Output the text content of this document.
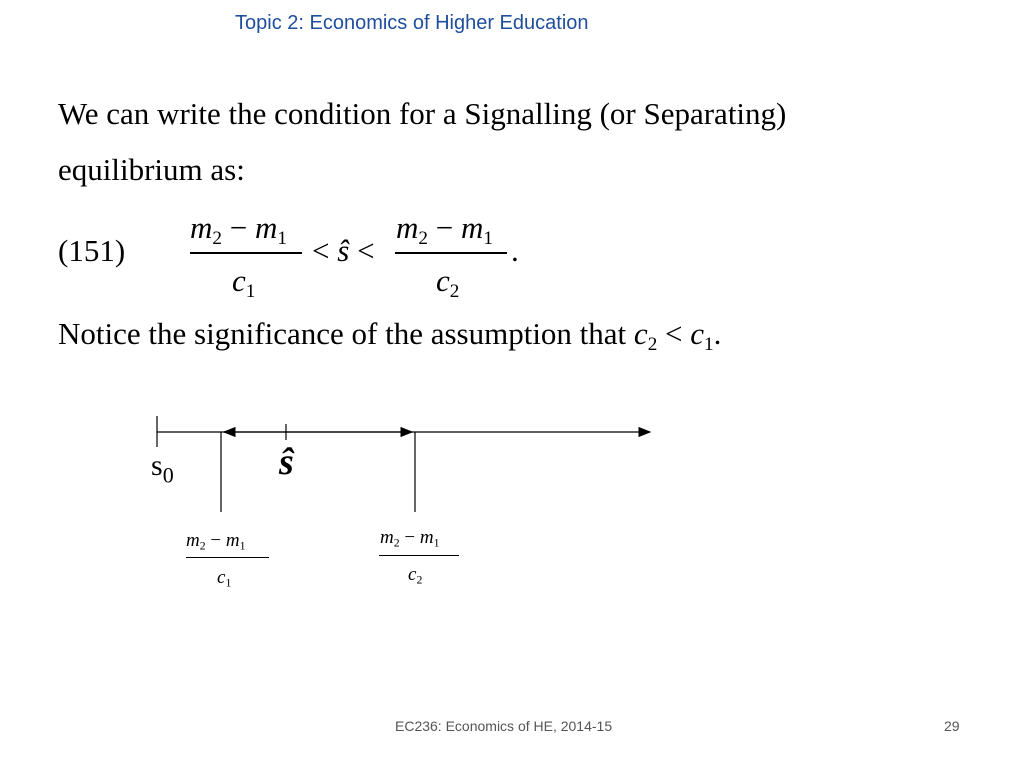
Topic 2: Economics of Higher Education
We can write the condition for a Signalling (or Separating)
equilibrium as:
(151)
$m_2 - m_1$
$c_1$
< ŝ <
$m_2 - m_1$
$c_2$
.
Notice the significance of the assumption that $c_2 < c_1$.
$s_0$	ŝ
$m_2 - m_1$
$c_1$
$m_2 - m_1$
$c_2$
EC236: Economics of HE, 2014-15	29
